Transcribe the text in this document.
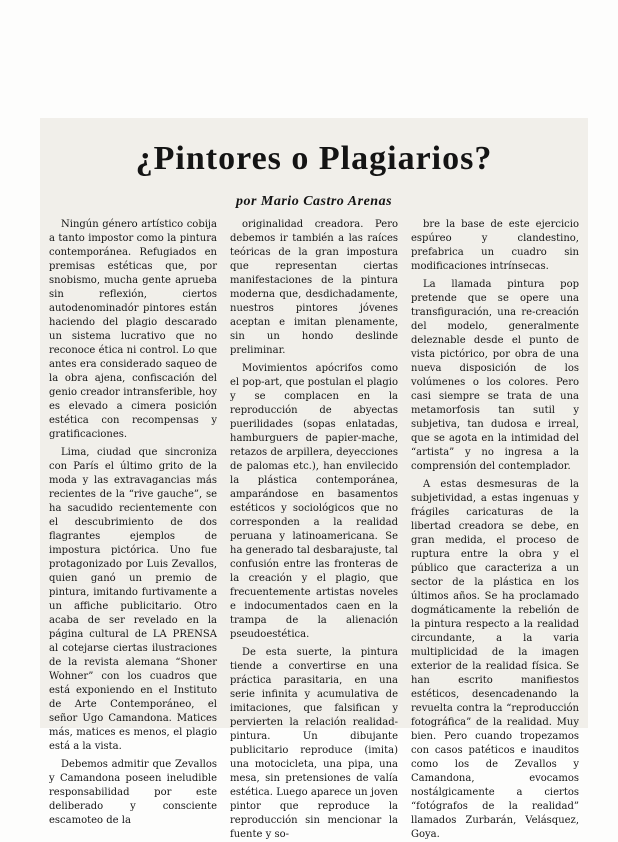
¿Pintores o Plagiarios?
por Mario Castro Arenas

Ningún género artístico cobija a tanto impostor como la pintura contemporánea. Refugiados en premisas estéticas que, por snobismo, mucha gente aprueba sin reflexión, ciertos autodenominadór pintores están haciendo del plagio descarado un sistema lucrativo que no reconoce ética ni control. Lo que antes era considerado saqueo de la obra ajena, confiscación del genio creador intransferible, hoy es elevado a cimera posición estética con recompensas y gratificaciones.

Lima, ciudad que sincroniza con París el último grito de la moda y las extravagancias más recientes de la “rive gauche”, se ha sacudido recientemente con el descubrimiento de dos flagrantes ejemplos de impostura pictórica. Uno fue protagonizado por Luis Zevallos, quien ganó un premio de pintura, imitando furtivamente a un affiche publicitario. Otro acaba de ser revelado en la página cultural de LA PRENSA al cotejarse ciertas ilustraciones de la revista alemana “Shoner Wohner” con los cuadros que está exponiendo en el Instituto de Arte Contemporáneo, el señor Ugo Camandona. Matices más, matices es menos, el plagio está a la vista.

Debemos admitir que Zevallos y Camandona poseen ineludible responsabilidad por este deliberado y consciente escamoteo de la

originalidad creadora. Pero debemos ir también a las raíces teóricas de la gran impostura que representan ciertas manifestaciones de la pintura moderna que, desdichadamente, nuestros pintores jóvenes aceptan e imitan plenamente, sin un hondo deslinde preliminar.

Movimientos apócrifos como el pop-art, que postulan el plagio y se complacen en la reproducción de abyectas puerilidades (sopas enlatadas, hamburguers de papier-mache, retazos de arpillera, deyecciones de palomas etc.), han envilecido la plástica contemporánea, amparándose en basamentos estéticos y sociológicos que no corresponden a la realidad peruana y latinoamericana. Se ha generado tal desbarajuste, tal confusión entre las fronteras de la creación y el plagio, que frecuentemente artistas noveles e indocumentados caen en la trampa de la alienación pseudoestética.

De esta suerte, la pintura tiende a convertirse en una práctica parasitaria, en una serie infinita y acumulativa de imitaciones, que falsifican y pervierten la relación realidad-pintura. Un dibujante publicitario reproduce (imita) una motocicleta, una pipa, una mesa, sin pretensiones de valía estética. Luego aparece un joven pintor que reproduce la reproducción sin mencionar la fuente y so-

bre la base de este ejercicio espúreo y clandestino, prefabrica un cuadro sin modificaciones intrínsecas.

La llamada pintura pop pretende que se opere una transfiguración, una re-creación del modelo, generalmente deleznable desde el punto de vista pictórico, por obra de una nueva disposición de los volúmenes o los colores. Pero casi siempre se trata de una metamorfosis tan sutil y subjetiva, tan dudosa e irreal, que se agota en la intimidad del “artista” y no ingresa a la comprensión del contemplador.

A estas desmesuras de la subjetividad, a estas ingenuas y frágiles caricaturas de la libertad creadora se debe, en gran medida, el proceso de ruptura entre la obra y el público que caracteriza a un sector de la plástica en los últimos años. Se ha proclamado dogmáticamente la rebelión de la pintura respecto a la realidad circundante, a la varia multiplicidad de la imagen exterior de la realidad física. Se han escrito manifiestos estéticos, desencadenando la revuelta contra la “reproducción fotográfica” de la realidad. Muy bien. Pero cuando tropezamos con casos patéticos e inauditos como los de Zevallos y Camandona, evocamos nostálgicamente a ciertos “fotógrafos de la realidad” llamados Zurbarán, Velásquez, Goya.
